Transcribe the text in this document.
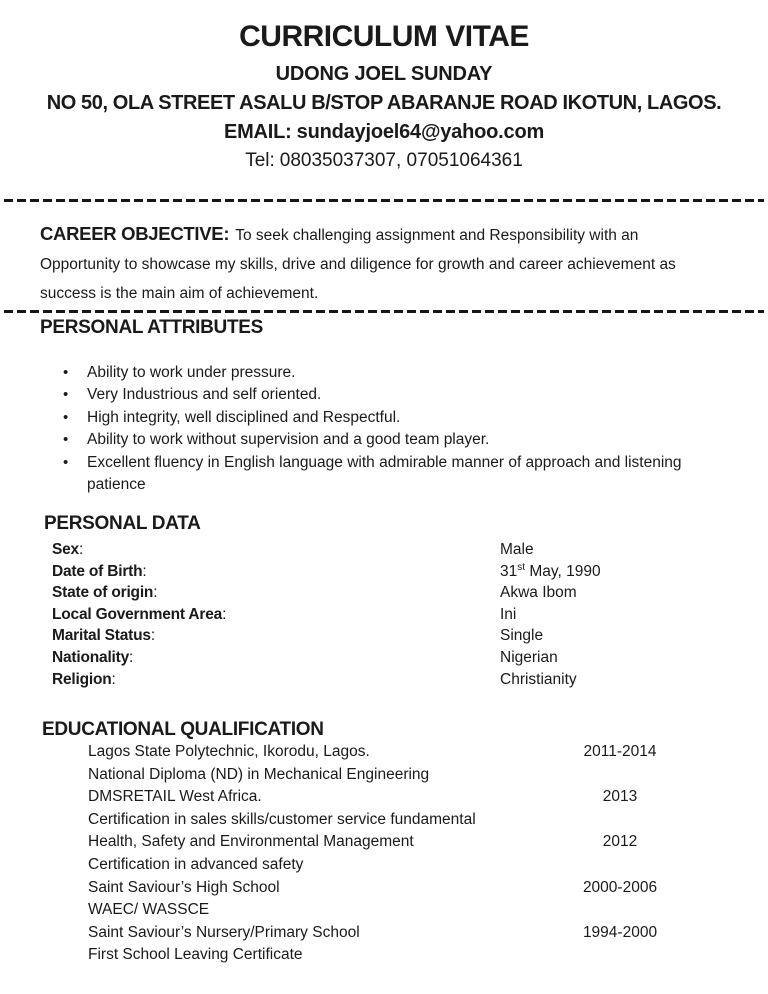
CURRICULUM VITAE
UDONG JOEL SUNDAY
NO 50, OLA STREET ASALU B/STOP ABARANJE ROAD IKOTUN, LAGOS.
EMAIL: sundayjoel64@yahoo.com
Tel: 08035037307, 07051064361
CAREER OBJECTIVE: To seek challenging assignment and Responsibility with an Opportunity to showcase my skills, drive and diligence for growth and career achievement as success is the main aim of achievement.
PERSONAL ATTRIBUTES
•	Ability to work under pressure.
•	Very Industrious and self oriented.
•	High integrity, well disciplined and Respectful.
•	Ability to work without supervision and a good team player.
•	Excellent fluency in English language with admirable manner of approach and listening patience
PERSONAL DATA
Sex:	Male
Date of Birth:	31st May, 1990
State of origin:	Akwa Ibom
Local Government Area:	Ini
Marital Status:	Single
Nationality:	Nigerian
Religion:	Christianity
EDUCATIONAL QUALIFICATION
Lagos State Polytechnic, Ikorodu, Lagos.	2011-2014
National Diploma (ND) in Mechanical Engineering
DMSRETAIL West Africa.	2013
Certification in sales skills/customer service fundamental
Health, Safety and Environmental Management	2012
Certification in advanced safety
Saint Saviour’s High School	2000-2006
WAEC/ WASSCE
Saint Saviour’s Nursery/Primary School	1994-2000
First School Leaving Certificate
